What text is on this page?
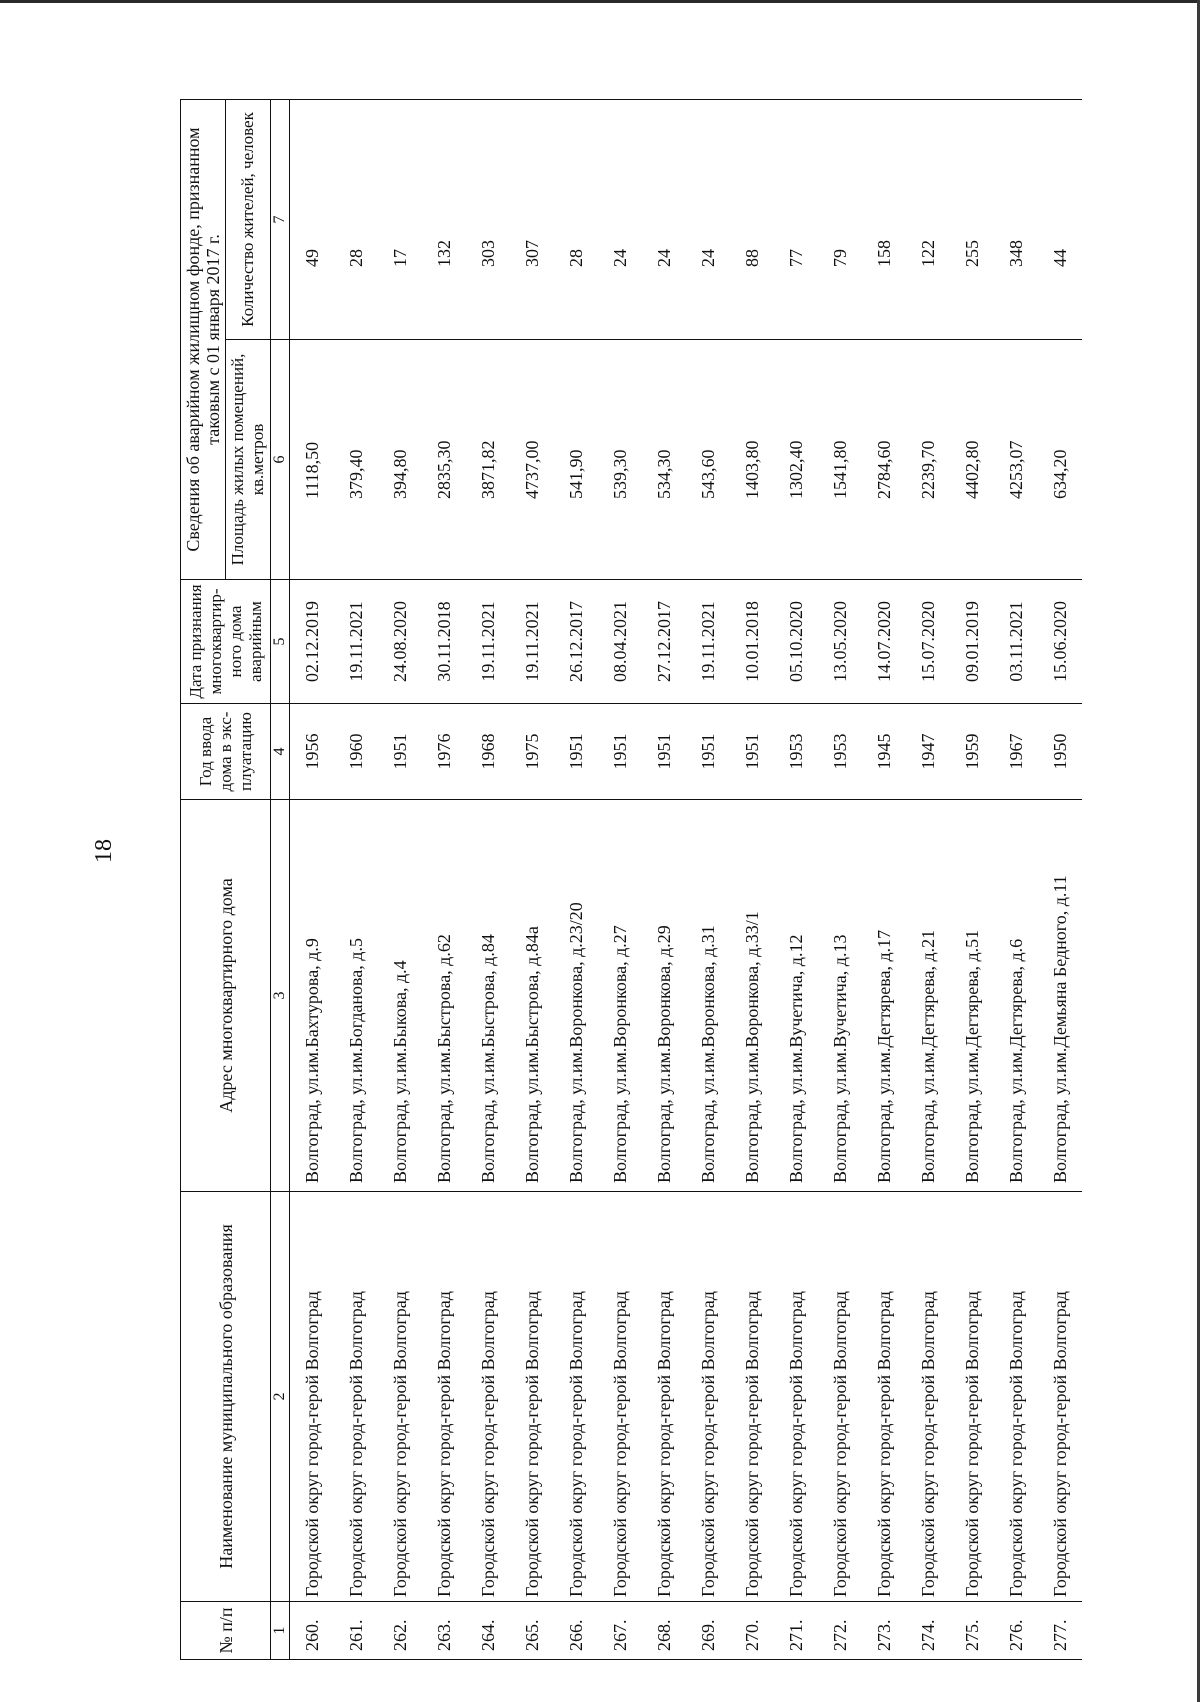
18
№ п/п	Наименование муниципального образования	Адрес многоквартирного дома	Год ввода дома в экс-плуатацию	Дата признания многоквартир-ного дома аварийным	Сведения об аварийном жилищном фонде, признанном таковым с 01 января 2017 г.	
					Площадь жилых помещений, кв.метров	Количество жителей, человек
1	2	3	4	5	6	7
260.	Городской округ город-герой Волгоград	Волгоград, ул.им.Бахтурова, д.9	1956	02.12.2019	1118,50	49
261.	Городской округ город-герой Волгоград	Волгоград, ул.им.Богданова, д.5	1960	19.11.2021	379,40	28
262.	Городской округ город-герой Волгоград	Волгоград, ул.им.Быкова, д.4	1951	24.08.2020	394,80	17
263.	Городской округ город-герой Волгоград	Волгоград, ул.им.Быстрова, д.62	1976	30.11.2018	2835,30	132
264.	Городской округ город-герой Волгоград	Волгоград, ул.им.Быстрова, д.84	1968	19.11.2021	3871,82	303
265.	Городской округ город-герой Волгоград	Волгоград, ул.им.Быстрова, д.84а	1975	19.11.2021	4737,00	307
266.	Городской округ город-герой Волгоград	Волгоград, ул.им.Воронкова, д.23/20	1951	26.12.2017	541,90	28
267.	Городской округ город-герой Волгоград	Волгоград, ул.им.Воронкова, д.27	1951	08.04.2021	539,30	24
268.	Городской округ город-герой Волгоград	Волгоград, ул.им.Воронкова, д.29	1951	27.12.2017	534,30	24
269.	Городской округ город-герой Волгоград	Волгоград, ул.им.Воронкова, д.31	1951	19.11.2021	543,60	24
270.	Городской округ город-герой Волгоград	Волгоград, ул.им.Воронкова, д.33/1	1951	10.01.2018	1403,80	88
271.	Городской округ город-герой Волгоград	Волгоград, ул.им.Вучетича, д.12	1953	05.10.2020	1302,40	77
272.	Городской округ город-герой Волгоград	Волгоград, ул.им.Вучетича, д.13	1953	13.05.2020	1541,80	79
273.	Городской округ город-герой Волгоград	Волгоград, ул.им.Дегтярева, д.17	1945	14.07.2020	2784,60	158
274.	Городской округ город-герой Волгоград	Волгоград, ул.им.Дегтярева, д.21	1947	15.07.2020	2239,70	122
275.	Городской округ город-герой Волгоград	Волгоград, ул.им.Дегтярева, д.51	1959	09.01.2019	4402,80	255
276.	Городской округ город-герой Волгоград	Волгоград, ул.им.Дегтярева, д.6	1967	03.11.2021	4253,07	348
277.	Городской округ город-герой Волгоград	Волгоград, ул.им.Демьяна Бедного, д.11	1950	15.06.2020	634,20	44
